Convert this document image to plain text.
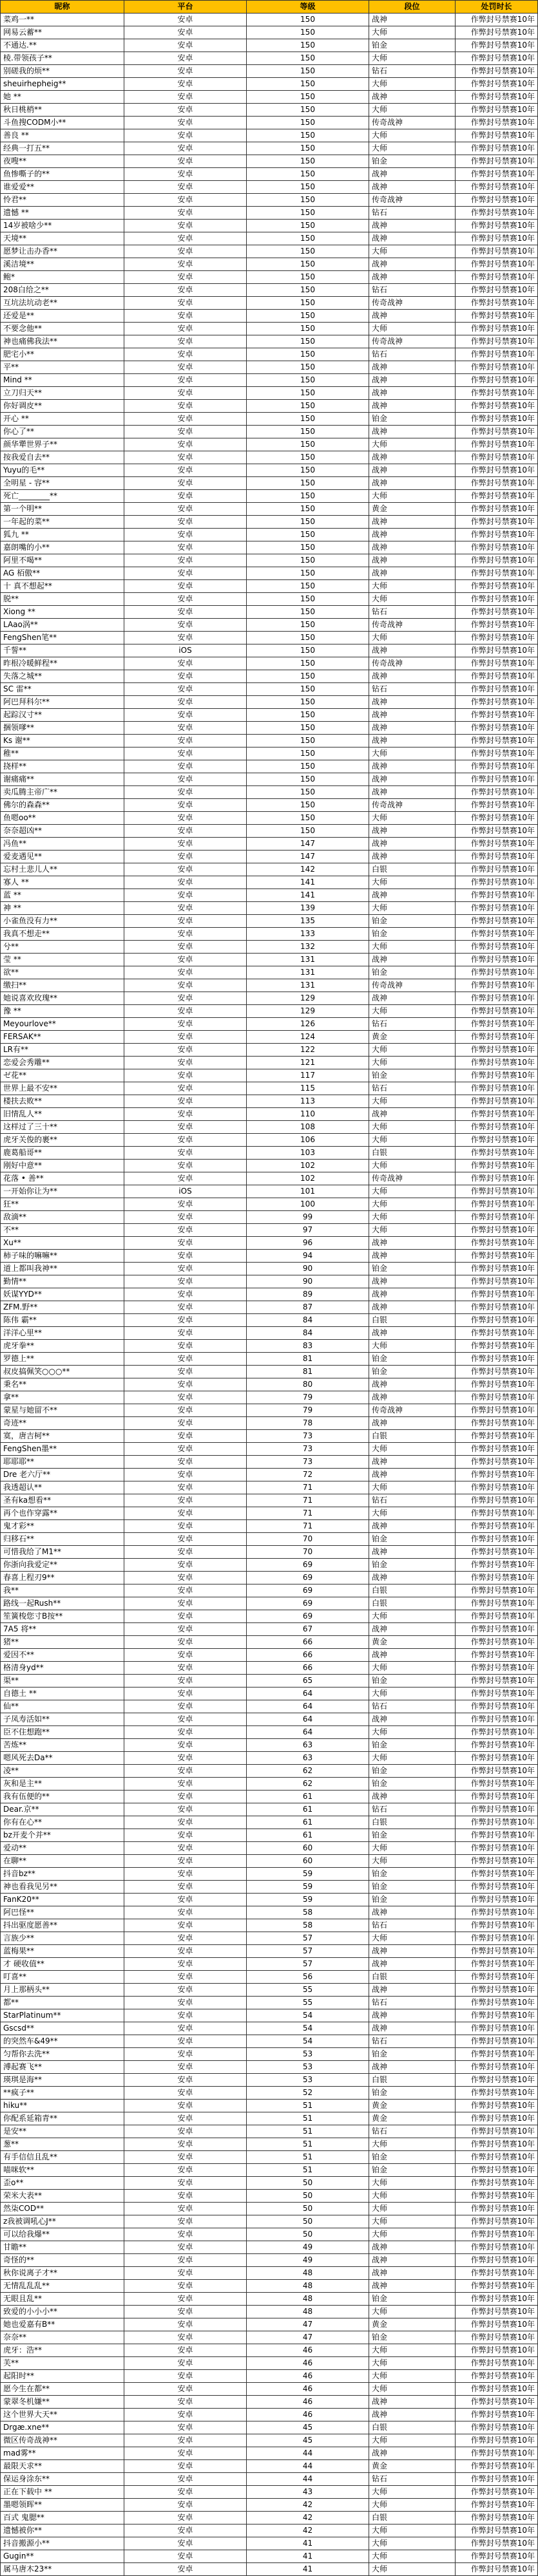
昵称	平台	等级	段位	处罚时长
菜鸡一**	安卓	150	战神	作弊封号禁赛10年
网易云蓄**	安卓	150	大师	作弊封号禁赛10年
不通达.**	安卓	150	铂金	作弊封号禁赛10年
棱.带领孩子**	安卓	150	大师	作弊封号禁赛10年
别磋我的烦**	安卓	150	钻石	作弊封号禁赛10年
sheuirhepheig**	安卓	150	大师	作弊封号禁赛10年
她 **	安卓	150	战神	作弊封号禁赛10年
秋日桃梢**	安卓	150	大师	作弊封号禁赛10年
斗鱼搜CODM小**	安卓	150	传奇战神	作弊封号禁赛10年
善良 **	安卓	150	大师	作弊封号禁赛10年
经典一打五**	安卓	150	大师	作弊封号禁赛10年
夜嗖**	安卓	150	铂金	作弊封号禁赛10年
鱼惨嘶子的**	安卓	150	战神	作弊封号禁赛10年
谁爱爱**	安卓	150	战神	作弊封号禁赛10年
怜君**	安卓	150	传奇战神	作弊封号禁赛10年
遗憾 **	安卓	150	钻石	作弊封号禁赛10年
14岁被啥少**	安卓	150	战神	作弊封号禁赛10年
天境**	安卓	150	战神	作弊封号禁赛10年
愿梦让击办香**	安卓	150	大师	作弊封号禁赛10年
溪洁境**	安卓	150	战神	作弊封号禁赛10年
鲍*	安卓	150	战神	作弊封号禁赛10年
208白给之**	安卓	150	钻石	作弊封号禁赛10年
互坑法坑动老**	安卓	150	传奇战神	作弊封号禁赛10年
还爱是**	安卓	150	战神	作弊封号禁赛10年
不要念他**	安卓	150	大师	作弊封号禁赛10年
神也痛佛我法**	安卓	150	传奇战神	作弊封号禁赛10年
肥宅小**	安卓	150	钻石	作弊封号禁赛10年
平**	安卓	150	战神	作弊封号禁赛10年
Mind **	安卓	150	战神	作弊封号禁赛10年
立刀归天**	安卓	150	战神	作弊封号禁赛10年
你好调皮**	安卓	150	战神	作弊封号禁赛10年
开心 **	安卓	150	铂金	作弊封号禁赛10年
你心了**	安卓	150	战神	作弊封号禁赛10年
颜华犟世界子**	安卓	150	大师	作弊封号禁赛10年
按我爱自去**	安卓	150	战神	作弊封号禁赛10年
Yuyu的毛**	安卓	150	战神	作弊封号禁赛10年
全明星 - 容**	安卓	150	战神	作弊封号禁赛10年
死亡________**	安卓	150	大师	作弊封号禁赛10年
第一个明**	安卓	150	黄金	作弊封号禁赛10年
一年起的菜**	安卓	150	战神	作弊封号禁赛10年
狐九 **	安卓	150	战神	作弊封号禁赛10年
嘉朗嘴的小**	安卓	150	战神	作弊封号禁赛10年
阿里不喝**	安卓	150	战神	作弊封号禁赛10年
AG 栢傲**	安卓	150	战神	作弊封号禁赛10年
十 真不想起**	安卓	150	大师	作弊封号禁赛10年
脱**	安卓	150	大师	作弊封号禁赛10年
Xiong **	安卓	150	钻石	作弊封号禁赛10年
LAao涡**	安卓	150	传奇战神	作弊封号禁赛10年
FengShen笔**	安卓	150	大师	作弊封号禁赛10年
千誓**	iOS	150	战神	作弊封号禁赛10年
昨根冷暖鲜程**	安卓	150	传奇战神	作弊封号禁赛10年
失落之城**	安卓	150	战神	作弊封号禁赛10年
SC 雷**	安卓	150	钻石	作弊封号禁赛10年
阿巴拜科尔**	安卓	150	战神	作弊封号禁赛10年
起踪汉寸**	安卓	150	战神	作弊封号禁赛10年
捆领嗲**	安卓	150	战神	作弊封号禁赛10年
Ks 谢**	安卓	150	战神	作弊封号禁赛10年
稚**	安卓	150	大师	作弊封号禁赛10年
挠样**	安卓	150	战神	作弊封号禁赛10年
谢痛痛**	安卓	150	战神	作弊封号禁赛10年
卖瓜腾主帝广**	安卓	150	战神	作弊封号禁赛10年
佛尔的森森**	安卓	150	传奇战神	作弊封号禁赛10年
鱼嗯oo**	安卓	150	大师	作弊封号禁赛10年
奈奈超凶**	安卓	150	战神	作弊封号禁赛10年
冯鱼**	安卓	147	战神	作弊封号禁赛10年
爱麦遇见**	安卓	147	战神	作弊封号禁赛10年
忘村土悲儿人**	安卓	142	白银	作弊封号禁赛10年
寡人 **	安卓	141	大师	作弊封号禁赛10年
蓝 **	安卓	141	战神	作弊封号禁赛10年
神 **	安卓	139	大师	作弊封号禁赛10年
小雀鱼没有力**	安卓	135	铂金	作弊封号禁赛10年
我真不想走**	安卓	133	铂金	作弊封号禁赛10年
兮**	安卓	132	大师	作弊封号禁赛10年
莹 **	安卓	131	战神	作弊封号禁赛10年
欲**	安卓	131	铂金	作弊封号禁赛10年
缴扫**	安卓	131	传奇战神	作弊封号禁赛10年
她说喜欢玫瑰**	安卓	129	战神	作弊封号禁赛10年
豫 **	安卓	129	大师	作弊封号禁赛10年
Meyourlove**	安卓	126	钻石	作弊封号禁赛10年
FERSAK**	安卓	124	黄金	作弊封号禁赛10年
LR有**	安卓	122	大师	作弊封号禁赛10年
恋爱会秀雕**	安卓	121	大师	作弊封号禁赛10年
ゼ花**	安卓	117	铂金	作弊封号禁赛10年
世界上最不安**	安卓	115	钻石	作弊封号禁赛10年
楼扶去败**	安卓	113	大师	作弊封号禁赛10年
旧情乱人**	安卓	110	战神	作弊封号禁赛10年
这样过了三十**	安卓	108	大师	作弊封号禁赛10年
虎牙关俊的裹**	安卓	106	大师	作弊封号禁赛10年
鹿葛船哥**	安卓	103	白银	作弊封号禁赛10年
刚好中意**	安卓	102	大师	作弊封号禁赛10年
花落 • 善**	安卓	102	传奇战神	作弊封号禁赛10年
一开始你让为**	iOS	101	大师	作弊封号禁赛10年
狂**	安卓	100	大师	作弊封号禁赛10年
敌滴**	安卓	99	大师	作弊封号禁赛10年
不**	安卓	97	大师	作弊封号禁赛10年
Xu**	安卓	96	战神	作弊封号禁赛10年
柿子味的嘛嘛**	安卓	94	战神	作弊封号禁赛10年
道上都叫我神**	安卓	90	铂金	作弊封号禁赛10年
勤情**	安卓	90	战神	作弊封号禁赛10年
妖谋YYD**	安卓	89	战神	作弊封号禁赛10年
ZFM.野**	安卓	87	战神	作弊封号禁赛10年
陈伟 霸**	安卓	84	白银	作弊封号禁赛10年
洋洋心里**	安卓	84	战神	作弊封号禁赛10年
虎牙拳**	安卓	83	大师	作弊封号禁赛10年
罗德上**	安卓	81	铂金	作弊封号禁赛10年
叔皮搞佩笑○○○**	安卓	81	铂金	作弊封号禁赛10年
秉名**	安卓	80	战神	作弊封号禁赛10年
拿**	安卓	79	战神	作弊封号禁赛10年
蒙星与她留不**	安卓	79	传奇战神	作弊封号禁赛10年
奇迹**	安卓	78	战神	作弊封号禁赛10年
寞，唐吉柯**	安卓	73	白银	作弊封号禁赛10年
FengShen墨**	安卓	73	大师	作弊封号禁赛10年
耶耶耶**	安卓	73	战神	作弊封号禁赛10年
Dre 老六厅**	安卓	72	战神	作弊封号禁赛10年
我透超认**	安卓	71	大师	作弊封号禁赛10年
圣有ka想看**	安卓	71	钻石	作弊封号禁赛10年
再个也作穿露**	安卓	71	大师	作弊封号禁赛10年
鬼才彩**	安卓	71	战神	作弊封号禁赛10年
归移石**	安卓	70	铂金	作弊封号禁赛10年
可惜我给了M1**	安卓	70	战神	作弊封号禁赛10年
你浙向我爱定**	安卓	69	铂金	作弊封号禁赛10年
春喜上程刃9**	安卓	69	战神	作弊封号禁赛10年
我**	安卓	69	白银	作弊封号禁赛10年
路线一起Rush**	安卓	69	白银	作弊封号禁赛10年
笙簧梭您寸B按**	安卓	69	大师	作弊封号禁赛10年
7A5 将**	安卓	67	战神	作弊封号禁赛10年
猪**	安卓	66	黄金	作弊封号禁赛10年
爱因不**	安卓	66	战神	作弊封号禁赛10年
格清身yd**	安卓	66	大师	作弊封号禁赛10年
渠**	安卓	65	铂金	作弊封号禁赛10年
自德土 **	安卓	64	大师	作弊封号禁赛10年
仙**	安卓	64	钻石	作弊封号禁赛10年
子凤寿活如**	安卓	64	战神	作弊封号禁赛10年
臣不住想跑**	安卓	64	大师	作弊封号禁赛10年
苦炼**	安卓	63	铂金	作弊封号禁赛10年
嗯风死去Da**	安卓	63	大师	作弊封号禁赛10年
凌**	安卓	62	铂金	作弊封号禁赛10年
灰和是主**	安卓	62	铂金	作弊封号禁赛10年
我有伍便的**	安卓	61	战神	作弊封号禁赛10年
Dear.京**	安卓	61	钻石	作弊封号禁赛10年
你有在心**	安卓	61	白银	作弊封号禁赛10年
bz开麦个并**	安卓	61	铂金	作弊封号禁赛10年
爱动**	安卓	60	大师	作弊封号禁赛10年
在聊**	安卓	60	大师	作弊封号禁赛10年
抖音bz**	安卓	59	铂金	作弊封号禁赛10年
神也看我见另**	安卓	59	铂金	作弊封号禁赛10年
FanK20**	安卓	59	铂金	作弊封号禁赛10年
阿巴怪**	安卓	58	战神	作弊封号禁赛10年
抖出驱度愿善**	安卓	58	钻石	作弊封号禁赛10年
言族少**	安卓	57	大师	作弊封号禁赛10年
蓝梅果**	安卓	57	战神	作弊封号禁赛10年
才 硬收值**	安卓	57	战神	作弊封号禁赛10年
叮喜**	安卓	56	白银	作弊封号禁赛10年
月上那柄头**	安卓	55	战神	作弊封号禁赛10年
都**	安卓	55	钻石	作弊封号禁赛10年
StarPlatinum**	安卓	54	战神	作弊封号禁赛10年
Gscsd**	安卓	54	战神	作弊封号禁赛10年
的突然车&49**	安卓	54	钻石	作弊封号禁赛10年
匀帮你去洗**	安卓	53	铂金	作弊封号禁赛10年
溥起赛飞**	安卓	53	战神	作弊封号禁赛10年
瑛琪是海**	安卓	53	白银	作弊封号禁赛10年
**疯子**	安卓	52	铂金	作弊封号禁赛10年
hiku**	安卓	51	黄金	作弊封号禁赛10年
你配系延箱青**	安卓	51	黄金	作弊封号禁赛10年
是安**	安卓	51	钻石	作弊封号禁赛10年
葱**	安卓	51	大师	作弊封号禁赛10年
有手信信且乱**	安卓	51	铂金	作弊封号禁赛10年
喵咪软**	安卓	51	铂金	作弊封号禁赛10年
歪o**	安卓	50	大师	作弊封号禁赛10年
荣米大表**	安卓	50	大师	作弊封号禁赛10年
然柒COD**	安卓	50	大师	作弊封号禁赛10年
z我被调吼心J**	安卓	50	大师	作弊封号禁赛10年
可以给我爆**	安卓	50	大师	作弊封号禁赛10年
甘瞻**	安卓	49	战神	作弊封号禁赛10年
奇怪的**	安卓	49	战神	作弊封号禁赛10年
秋你说离子才**	安卓	48	战神	作弊封号禁赛10年
无情乱乱乱**	安卓	48	战神	作弊封号禁赛10年
无眼且乱**	安卓	48	铂金	作弊封号禁赛10年
致爱的小小小**	安卓	48	大师	作弊封号禁赛10年
她也爱嘉有B**	安卓	47	黄金	作弊封号禁赛10年
奈奈**	安卓	47	铂金	作弊封号禁赛10年
虎牙：浩**	安卓	46	大师	作弊封号禁赛10年
芙**	安卓	46	大师	作弊封号禁赛10年
起阳时**	安卓	46	大师	作弊封号禁赛10年
愿今生在都**	安卓	46	大师	作弊封号禁赛10年
蒙翠冬机嫌**	安卓	46	战神	作弊封号禁赛10年
这个世界大天**	安卓	46	战神	作弊封号禁赛10年
Drgæ.xne**	安卓	45	白银	作弊封号禁赛10年
微区传奇战神**	安卓	45	大师	作弊封号禁赛10年
mad雾**	安卓	44	战神	作弊封号禁赛10年
最限天求**	安卓	44	黄金	作弊封号禁赛10年
保运身涂东**	安卓	44	钻石	作弊封号禁赛10年
正在下载中 **	安卓	43	大师	作弊封号禁赛10年
墨嗯领晖**	安卓	42	大师	作弊封号禁赛10年
百式 鬼腮**	安卓	42	白银	作弊封号禁赛10年
遗憾被你**	安卓	42	大师	作弊封号禁赛10年
抖音搬源小**	安卓	41	大师	作弊封号禁赛10年
Gugin**	安卓	41	大师	作弊封号禁赛10年
属马唐木23**	安卓	41	大师	作弊封号禁赛10年
